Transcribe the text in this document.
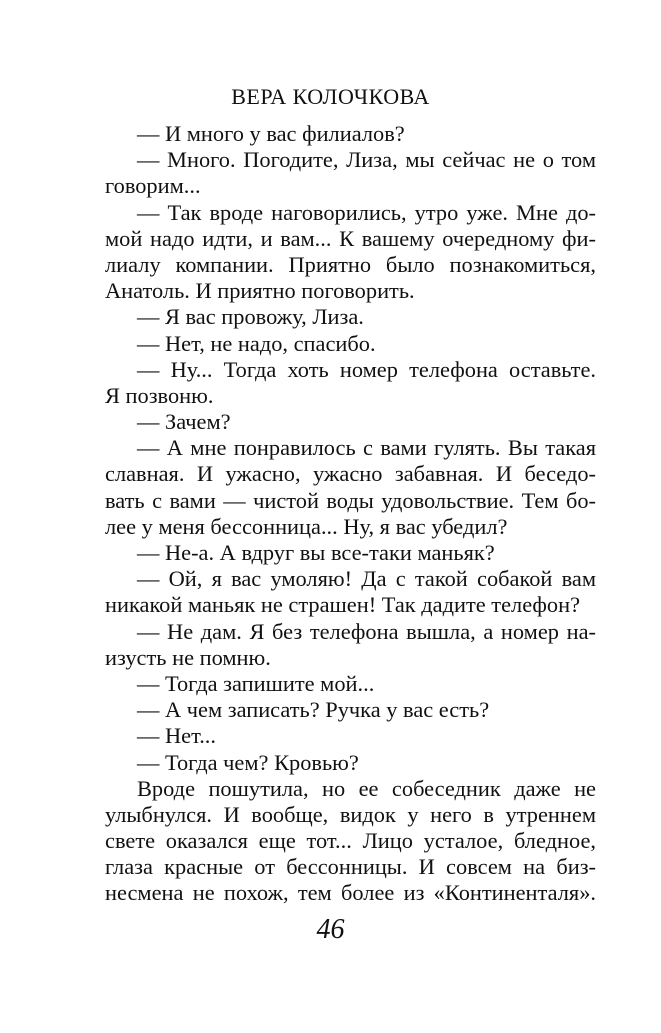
ВЕРА КОЛОЧКОВА
— И много у вас филиалов?
— Много. Погодите, Лиза, мы сейчас не о том
говорим...
— Так вроде наговорились, утро уже. Мне до-
мой надо идти, и вам... К вашему очередному фи-
лиалу компании. Приятно было познакомиться,
Анатоль. И приятно поговорить.
— Я вас провожу, Лиза.
— Нет, не надо, спасибо.
— Ну... Тогда хоть номер телефона оставьте.
Я позвоню.
— Зачем?
— А мне понравилось с вами гулять. Вы такая
славная. И ужасно, ужасно забавная. И беседо-
вать с вами — чистой воды удовольствие. Тем бо-
лее у меня бессонница... Ну, я вас убедил?
— Не-а. А вдруг вы все-таки маньяк?
— Ой, я вас умоляю! Да с такой собакой вам
никакой маньяк не страшен! Так дадите телефон?
— Не дам. Я без телефона вышла, а номер на-
изусть не помню.
— Тогда запишите мой...
— А чем записать? Ручка у вас есть?
— Нет...
— Тогда чем? Кровью?
Вроде пошутила, но ее собеседник даже не
улыбнулся. И вообще, видок у него в утреннем
свете оказался еще тот... Лицо усталое, бледное,
глаза красные от бессонницы. И совсем на биз-
несмена не похож, тем более из «Континенталя».
46
